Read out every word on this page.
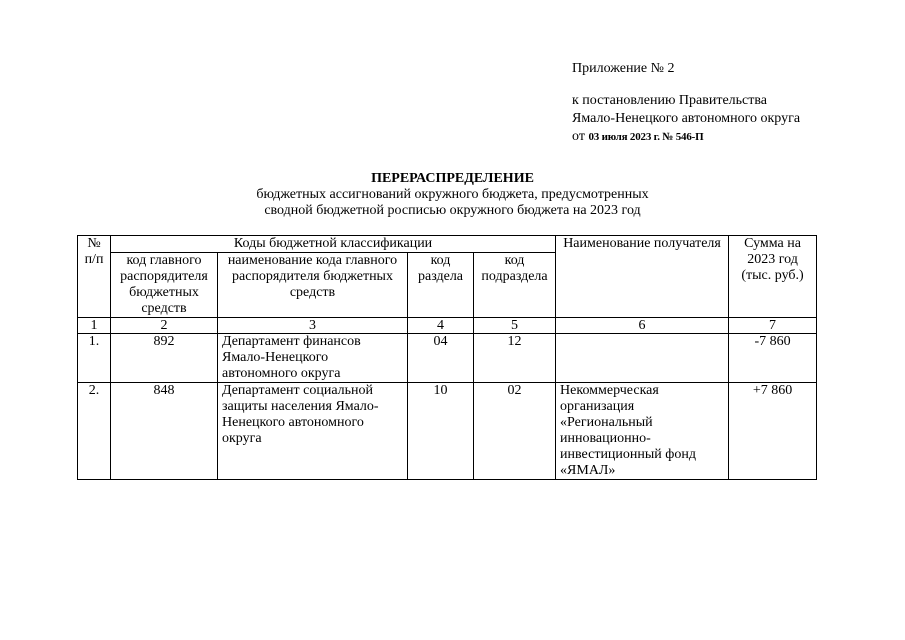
Приложение № 2
к постановлению Правительства
Ямало-Ненецкого автономного округа
от 03 июля 2023 г. № 546-П
ПЕРЕРАСПРЕДЕЛЕНИЕ
бюджетных ассигнований окружного бюджета, предусмотренных
сводной бюджетной росписью окружного бюджета на 2023 год
№ п/п	Коды бюджетной классификации				Наименование получателя	Сумма на 2023 год (тыс. руб.)
	код главного распорядителя бюджетных средств	наименование кода главного распорядителя бюджетных средств	код раздела	код подраздела		
1	2	3	4	5	6	7
1.	892	Департамент финансов Ямало-Ненецкого автономного округа	04	12		-7 860
2.	848	Департамент социальной защиты населения Ямало-Ненецкого автономного округа	10	02	Некоммерческая организация «Региональный инновационно-инвестиционный фонд «ЯМАЛ»	+7 860
